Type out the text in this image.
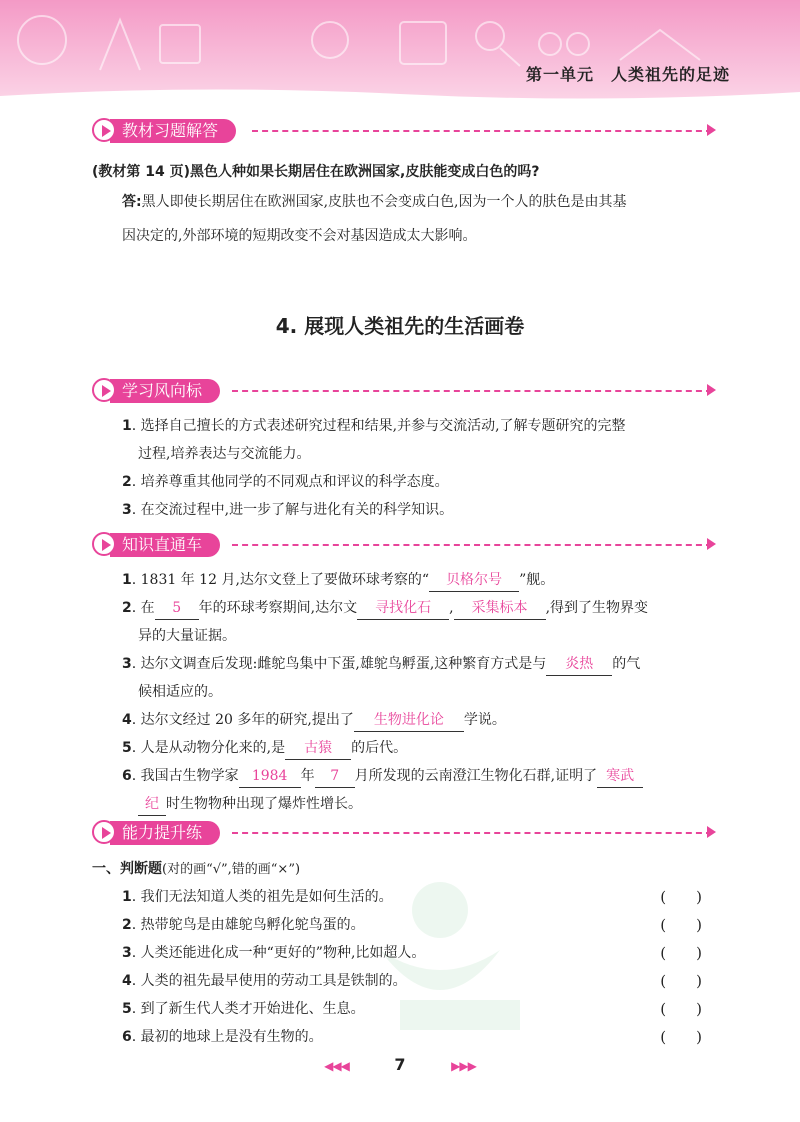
第一单元　人类祖先的足迹
教材习题解答
(教材第 14 页)黑色人种如果长期居住在欧洲国家,皮肤能变成白色的吗?
答:黑人即使长期居住在欧洲国家,皮肤也不会变成白色,因为一个人的肤色是由其基
因决定的,外部环境的短期改变不会对基因造成太大影响。
4. 展现人类祖先的生活画卷
学习风向标
1. 选择自己擅长的方式表述研究过程和结果,并参与交流活动,了解专题研究的完整
过程,培养表达与交流能力。
2. 培养尊重其他同学的不同观点和评议的科学态度。
3. 在交流过程中,进一步了解与进化有关的科学知识。
知识直通车
1. 1831 年 12 月,达尔文登上了要做环球考察的“ 贝格尔号 ”舰。
2. 在 5 年的环球考察期间,达尔文 寻找化石 , 采集标本 ,得到了生物界变
异的大量证据。
3. 达尔文调查后发现:雌鸵鸟集中下蛋,雄鸵鸟孵蛋,这种繁育方式是与 炎热 的气
候相适应的。
4. 达尔文经过 20 多年的研究,提出了 生物进化论 学说。
5. 人是从动物分化来的,是 古猿 的后代。
6. 我国古生物学家 1984 年 7 月所发现的云南澄江生物化石群,证明了 寒武
纪 时生物物种出现了爆炸性增长。
能力提升练
一、判断题(对的画“√”,错的画“×”)
1. 我们无法知道人类的祖先是如何生活的。	(　　)
2. 热带鸵鸟是由雄鸵鸟孵化鸵鸟蛋的。	(　　)
3. 人类还能进化成一种“更好的”物种,比如超人。	(　　)
4. 人类的祖先最早使用的劳动工具是铁制的。	(　　)
5. 到了新生代人类才开始进化、生息。	(　　)
6. 最初的地球上是没有生物的。	(　　)
◀◀◀	7	▶▶▶
